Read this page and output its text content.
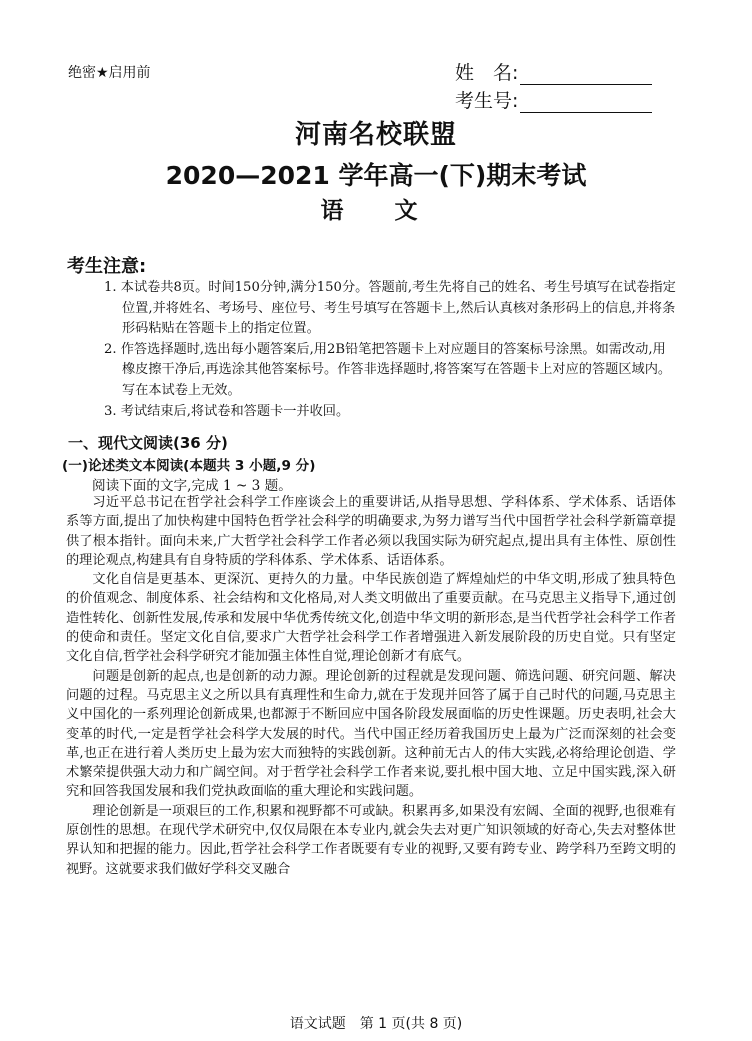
绝密★启用前	姓　名:
考生号:
河南名校联盟
2020—2021 学年高一(下)期末考试
语　文
考生注意:
1. 本试卷共8页。时间150分钟,满分150分。答题前,考生先将自己的姓名、考生号填写在试卷指定位置,并将姓名、考场号、座位号、考生号填写在答题卡上,然后认真核对条形码上的信息,并将条形码粘贴在答题卡上的指定位置。
2. 作答选择题时,选出每小题答案后,用2B铅笔把答题卡上对应题目的答案标号涂黑。如需改动,用橡皮擦干净后,再选涂其他答案标号。作答非选择题时,将答案写在答题卡上对应的答题区域内。写在本试卷上无效。
3. 考试结束后,将试卷和答题卡一并收回。
一、现代文阅读(36 分)
(一)论述类文本阅读(本题共 3 小题,9 分)
阅读下面的文字,完成 1 ~ 3 题。

习近平总书记在哲学社会科学工作座谈会上的重要讲话,从指导思想、学科体系、学术体系、话语体系等方面,提出了加快构建中国特色哲学社会科学的明确要求,为努力谱写当代中国哲学社会科学新篇章提供了根本指针。面向未来,广大哲学社会科学工作者必须以我国实际为研究起点,提出具有主体性、原创性的理论观点,构建具有自身特质的学科体系、学术体系、话语体系。

文化自信是更基本、更深沉、更持久的力量。中华民族创造了辉煌灿烂的中华文明,形成了独具特色的价值观念、制度体系、社会结构和文化格局,对人类文明做出了重要贡献。在马克思主义指导下,通过创造性转化、创新性发展,传承和发展中华优秀传统文化,创造中华文明的新形态,是当代哲学社会科学工作者的使命和责任。坚定文化自信,要求广大哲学社会科学工作者增强进入新发展阶段的历史自觉。只有坚定文化自信,哲学社会科学研究才能加强主体性自觉,理论创新才有底气。

问题是创新的起点,也是创新的动力源。理论创新的过程就是发现问题、筛选问题、研究问题、解决问题的过程。马克思主义之所以具有真理性和生命力,就在于发现并回答了属于自己时代的问题,马克思主义中国化的一系列理论创新成果,也都源于不断回应中国各阶段发展面临的历史性课题。历史表明,社会大变革的时代,一定是哲学社会科学大发展的时代。当代中国正经历着我国历史上最为广泛而深刻的社会变革,也正在进行着人类历史上最为宏大而独特的实践创新。这种前无古人的伟大实践,必将给理论创造、学术繁荣提供强大动力和广阔空间。对于哲学社会科学工作者来说,要扎根中国大地、立足中国实践,深入研究和回答我国发展和我们党执政面临的重大理论和实践问题。

理论创新是一项艰巨的工作,积累和视野都不可或缺。积累再多,如果没有宏阔、全面的视野,也很难有原创性的思想。在现代学术研究中,仅仅局限在本专业内,就会失去对更广知识领域的好奇心,失去对整体世界认知和把握的能力。因此,哲学社会科学工作者既要有专业的视野,又要有跨专业、跨学科乃至跨文明的视野。这就要求我们做好学科交叉融合

语文试题　第 1 页(共 8 页)
